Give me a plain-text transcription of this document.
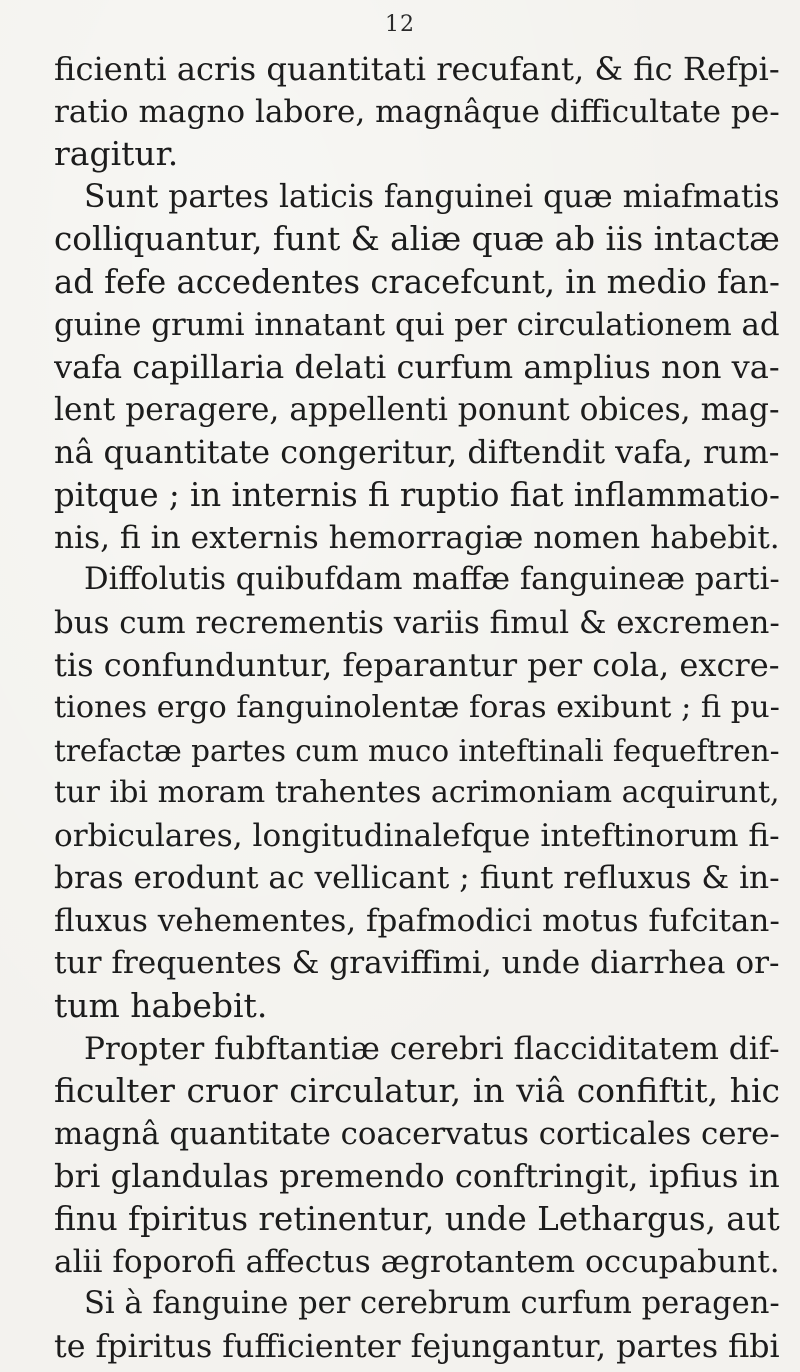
12
ficienti acris quantitati recufant, & fic Refpi-
ratio magno labore, magnâque difficultate pe-
ragitur.
Sunt partes laticis fanguinei quæ miafmatis
colliquantur, funt & aliæ quæ ab iis intactæ
ad fefe accedentes cracefcunt, in medio fan-
guine grumi innatant qui per circulationem ad
vafa capillaria delati curfum amplius non va-
lent peragere, appellenti ponunt obices, mag-
nâ quantitate congeritur, diftendit vafa, rum-
pitque ; in internis fi ruptio fiat inflammatio-
nis, fi in externis hemorragiæ nomen habebit.
Diffolutis quibufdam maffæ fanguineæ parti-
bus cum recrementis variis fimul & excremen-
tis confunduntur, feparantur per cola, excre-
tiones ergo fanguinolentæ foras exibunt ; fi pu-
trefactæ partes cum muco inteftinali fequeftren-
tur ibi moram trahentes acrimoniam acquirunt,
orbiculares, longitudinalefque inteftinorum fi-
bras erodunt ac vellicant ; fiunt refluxus & in-
fluxus vehementes, fpafmodici motus fufcitan-
tur frequentes & graviffimi, unde diarrhea or-
tum habebit.
Propter fubftantiæ cerebri flacciditatem dif-
ficulter cruor circulatur, in viâ confiftit, hic
magnâ quantitate coacervatus corticales cere-
bri glandulas premendo conftringit, ipfius in
finu fpiritus retinentur, unde Lethargus, aut
alii foporofi affectus ægrotantem occupabunt.
Si à fanguine per cerebrum curfum peragen-
te fpiritus fufficienter fejungantur, partes fibi
